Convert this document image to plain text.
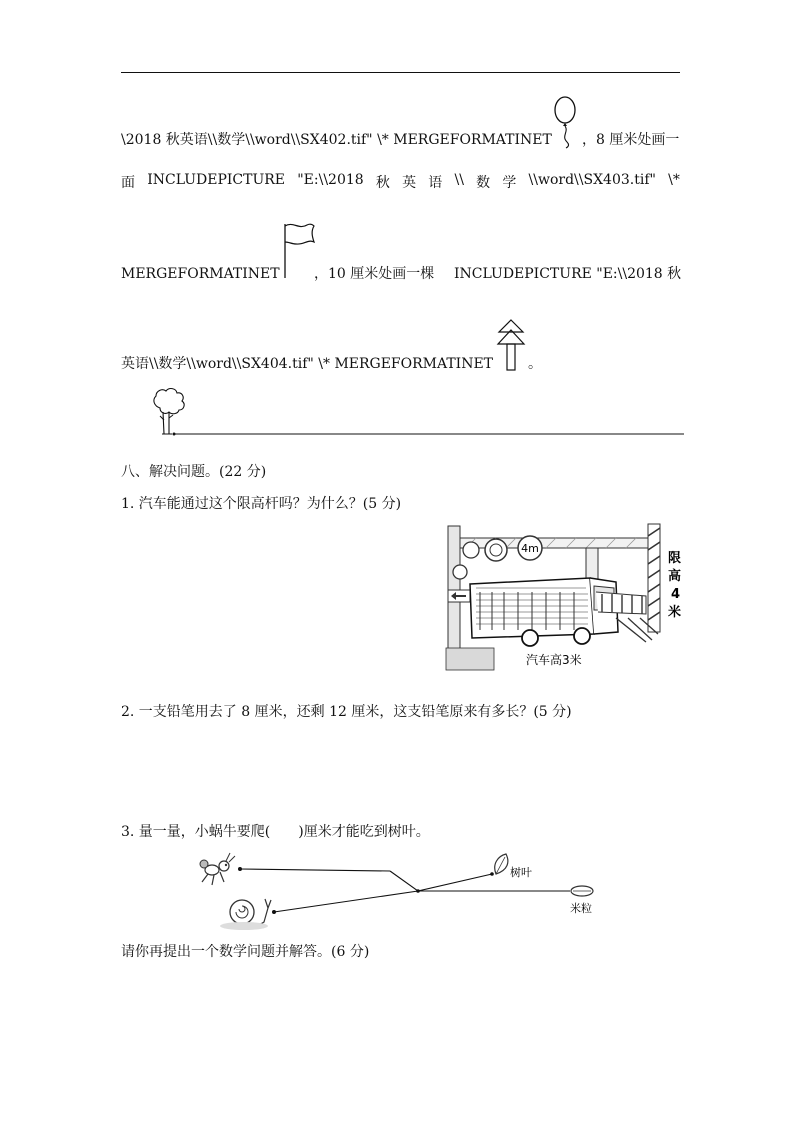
\2018 秋英语\\数学\\word\\SX402.tif" \* MERGEFORMATINET ，8 厘米处画一
面 INCLUDEPICTURE "E:\\2018 秋 英 语 \\ 数 学 \\word\\SX403.tif" \*
MERGEFORMATINET ，10 厘米处画一棵 INCLUDEPICTURE "E:\\2018 秋
英语\\数学\\word\\SX404.tif" \* MERGEFORMATINET 。
八、解决问题。(22 分)
1. 汽车能通过这个限高杆吗？为什么？(5 分)
4m
限
高
4
米
汽车高3米
2. 一支铅笔用去了 8 厘米，还剩 12 厘米，这支铅笔原来有多长？(5 分)
3. 量一量，小蜗牛要爬(　　)厘米才能吃到树叶。
树叶
米粒
请你再提出一个数学问题并解答。(6 分)
